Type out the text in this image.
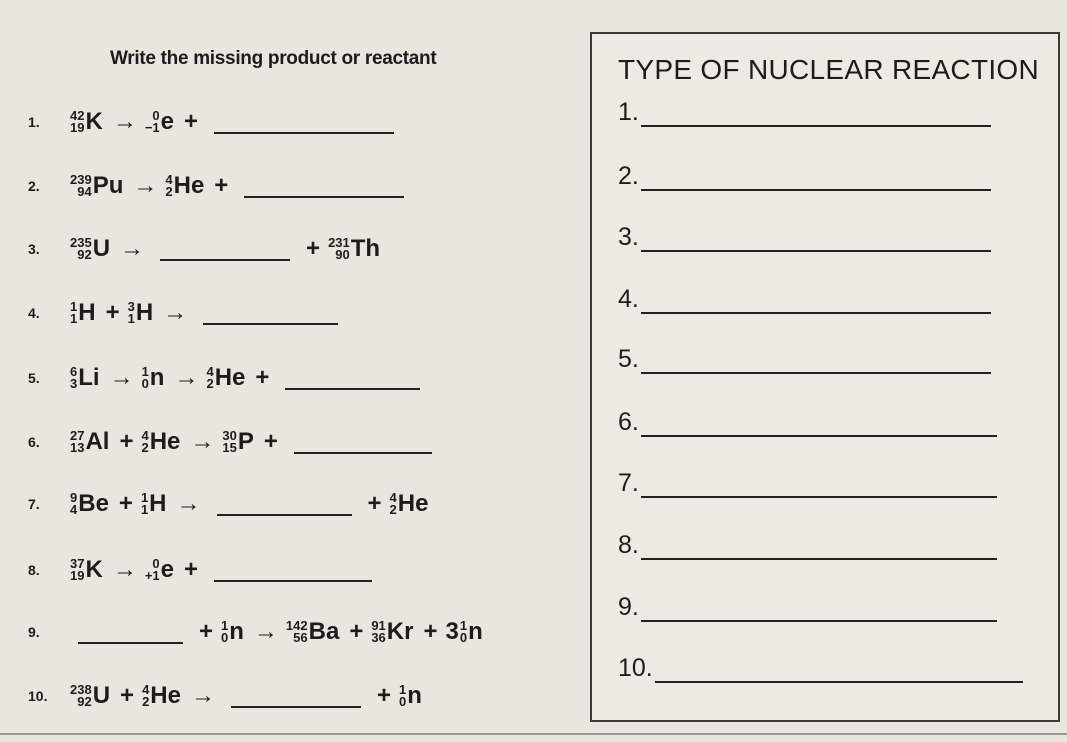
Write the missing product or reactant
1.	42
19 K → 0
−1 e +
2.	239
94 Pu → 4
2 He +
3.	235
92 U →	+ 231
90 Th
4.	1
1 H + 3
1 H →
5.	6
3 Li → 1
0 n → 4
2 He +
6.	27
13 Al + 4
2 He → 30
15 P +
7.	9
4 Be + 1
1 H →	+ 4
2 He
8.	37
19 K → 0
+1 e +
9.	+ 1
0 n → 142
56 Ba + 91
36 Kr + 3 1
0 n
10.	238
92 U + 4
2 He →	+ 1
0 n
TYPE OF NUCLEAR REACTION
1.
2.
3.
4.
5.
6.
7.
8.
9.
10.
